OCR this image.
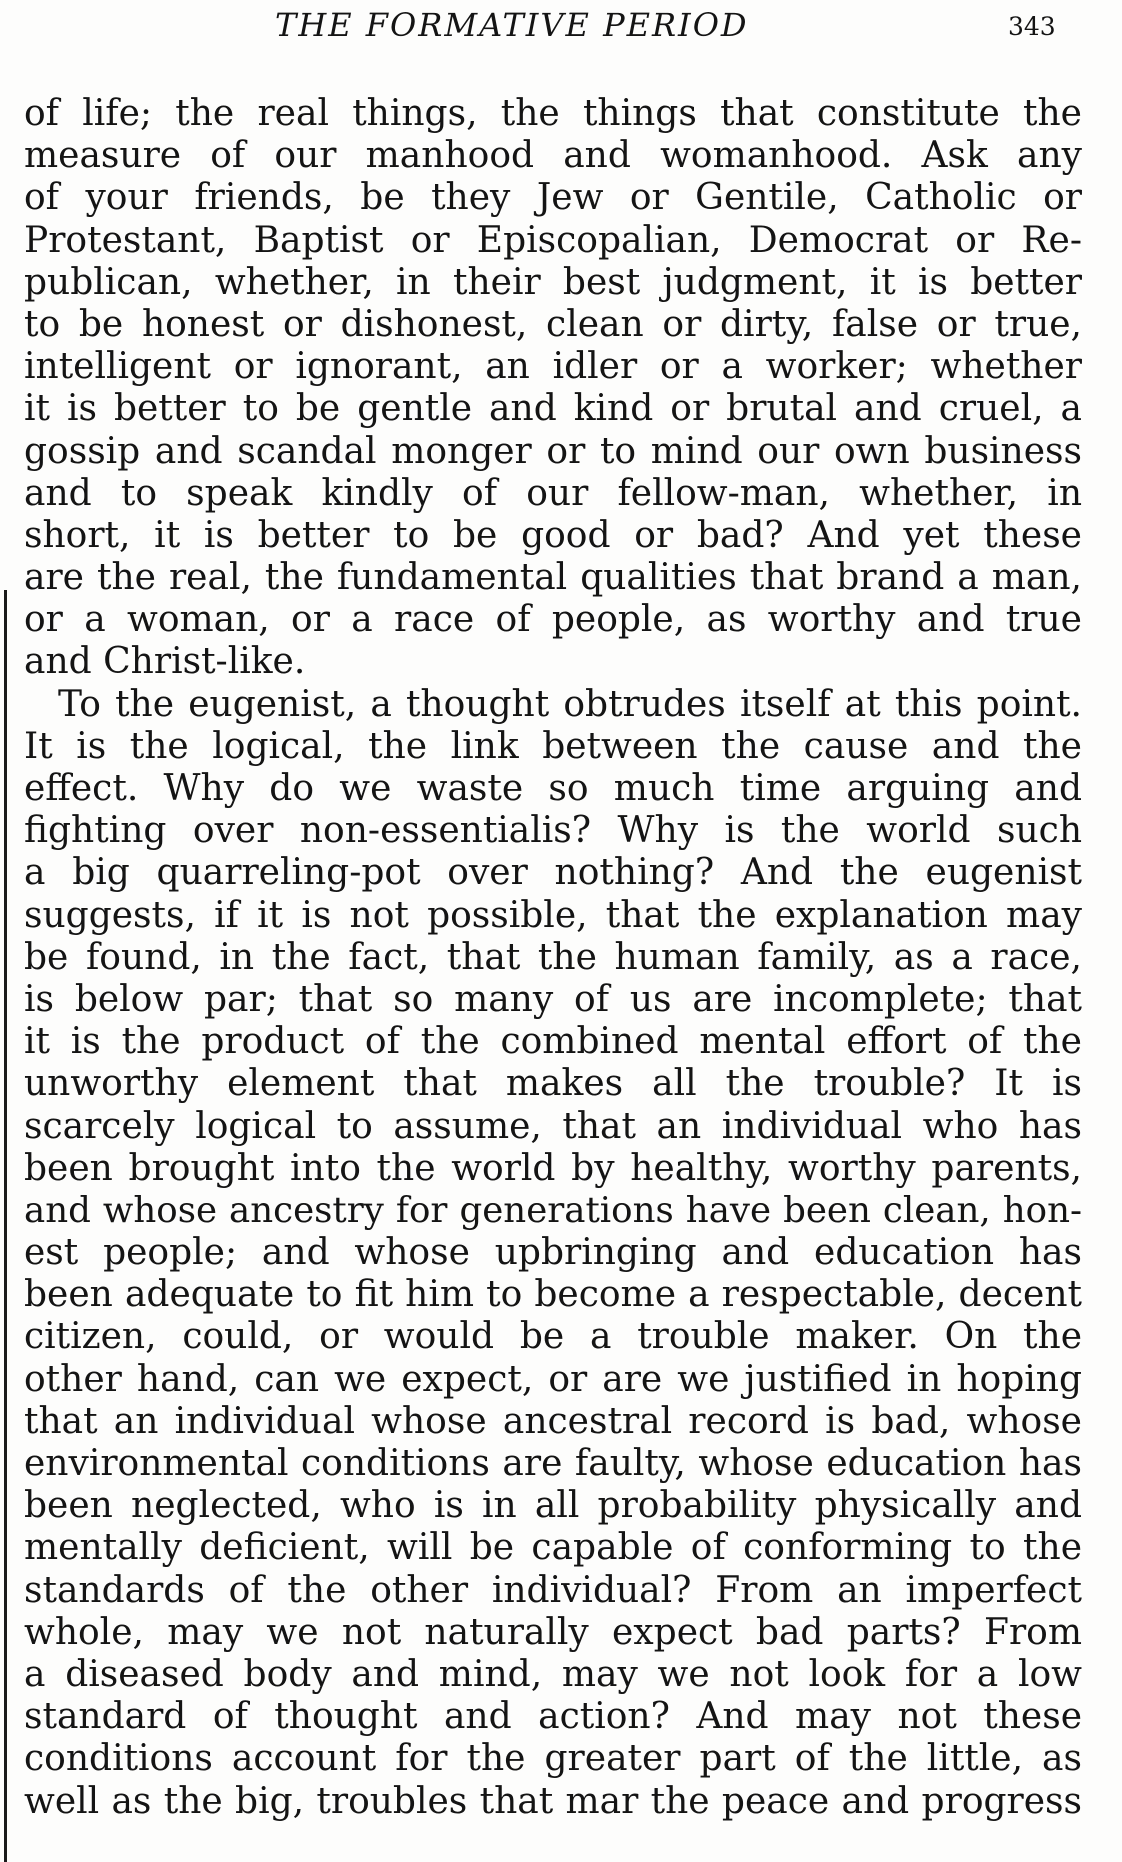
THE FORMATIVE PERIOD	343
of life; the real things, the things that constitute the
measure of our manhood and womanhood. Ask any
of your friends, be they Jew or Gentile, Catholic or
Protestant, Baptist or Episcopalian, Democrat or Re-
publican, whether, in their best judgment, it is better
to be honest or dishonest, clean or dirty, false or true,
intelligent or ignorant, an idler or a worker; whether
it is better to be gentle and kind or brutal and cruel, a
gossip and scandal monger or to mind our own business
and to speak kindly of our fellow-man, whether, in
short, it is better to be good or bad? And yet these
are the real, the fundamental qualities that brand a man,
or a woman, or a race of people, as worthy and true
and Christ-like.
To the eugenist, a thought obtrudes itself at this point.
It is the logical, the link between the cause and the
effect. Why do we waste so much time arguing and
fighting over non-essentialis? Why is the world such
a big quarreling-pot over nothing? And the eugenist
suggests, if it is not possible, that the explanation may
be found, in the fact, that the human family, as a race,
is below par; that so many of us are incomplete; that
it is the product of the combined mental effort of the
unworthy element that makes all the trouble? It is
scarcely logical to assume, that an individual who has
been brought into the world by healthy, worthy parents,
and whose ancestry for generations have been clean, hon-
est people; and whose upbringing and education has
been adequate to fit him to become a respectable, decent
citizen, could, or would be a trouble maker. On the
other hand, can we expect, or are we justified in hoping
that an individual whose ancestral record is bad, whose
environmental conditions are faulty, whose education has
been neglected, who is in all probability physically and
mentally deficient, will be capable of conforming to the
standards of the other individual? From an imperfect
whole, may we not naturally expect bad parts? From
a diseased body and mind, may we not look for a low
standard of thought and action? And may not these
conditions account for the greater part of the little, as
well as the big, troubles that mar the peace and progress
